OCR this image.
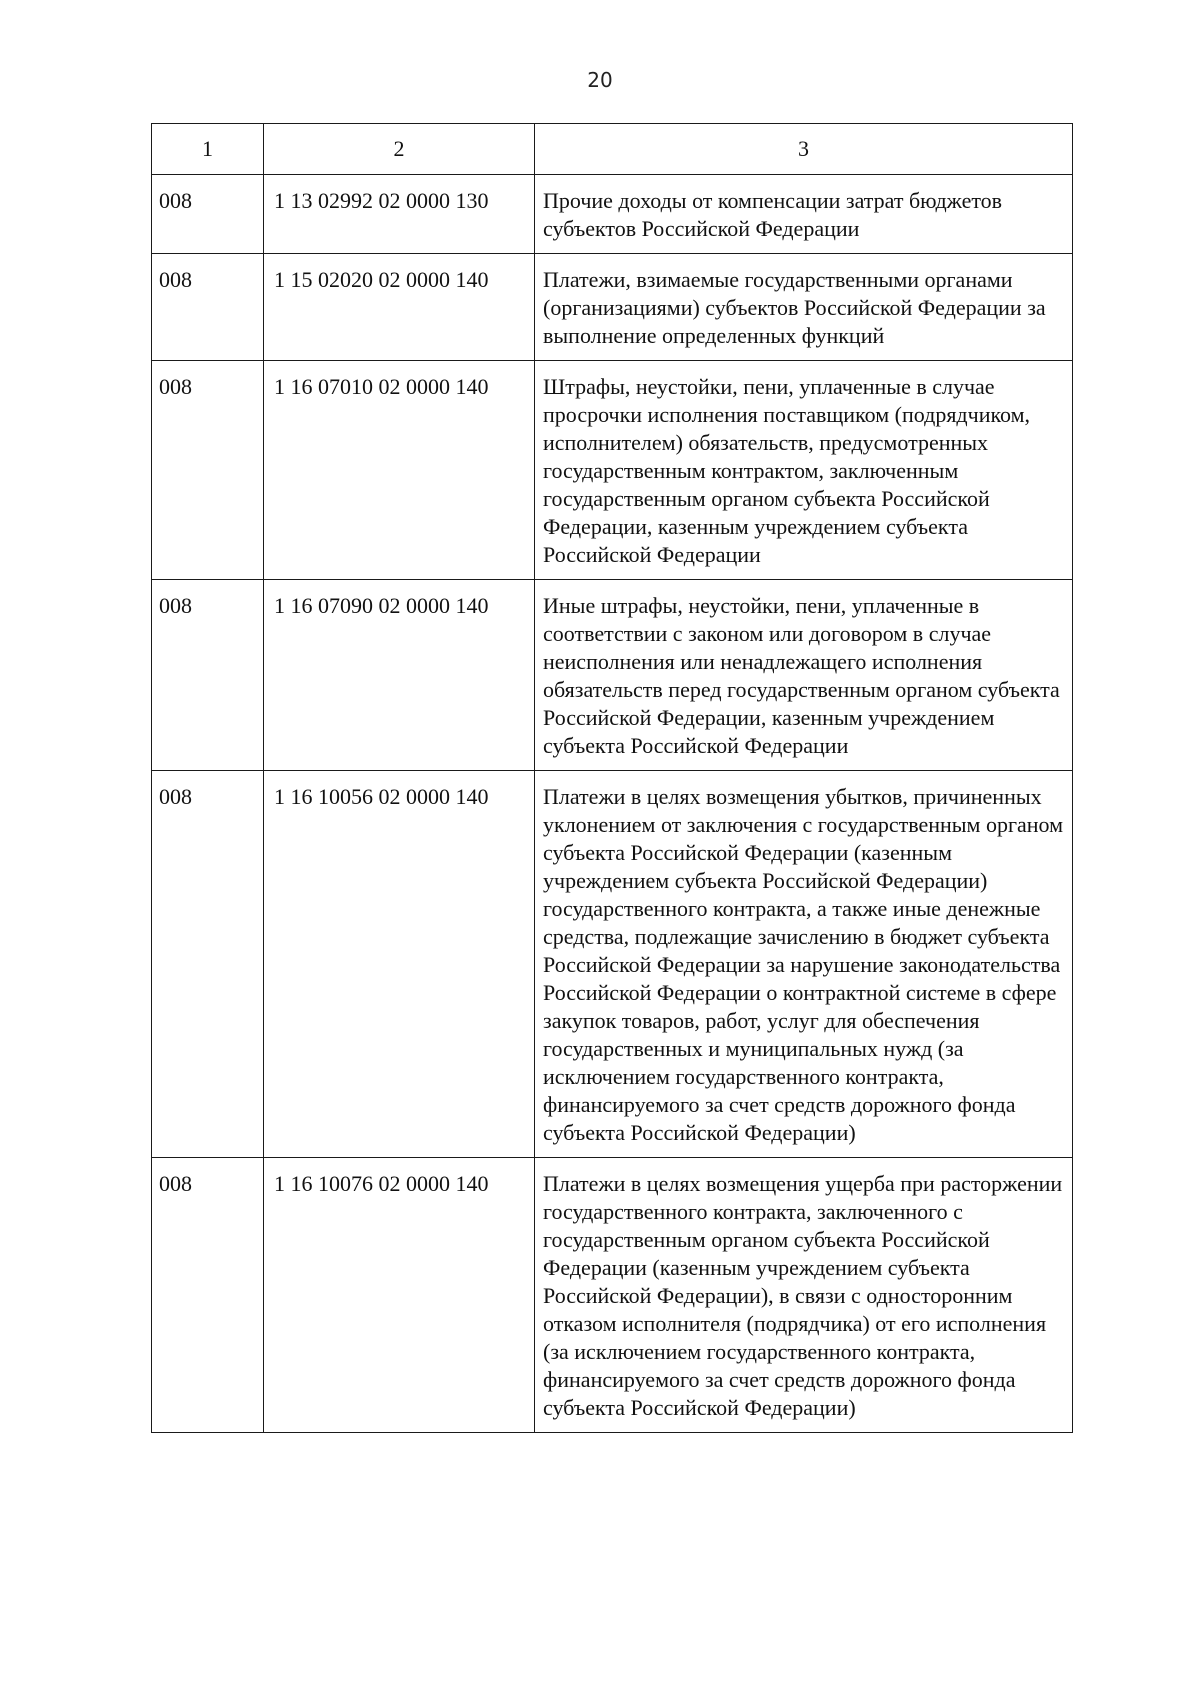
20
1	2	3
008	1 13 02992 02 0000 130	Прочие доходы от компенсации затрат бюджетов субъектов Российской Федерации
008	1 15 02020 02 0000 140	Платежи, взимаемые государственными органами (организациями) субъектов Российской Федерации за выполнение определенных функций
008	1 16 07010 02 0000 140	Штрафы, неустойки, пени, уплаченные в случае просрочки исполнения поставщиком (подрядчиком, исполнителем) обязательств, предусмотренных государственным контрактом, заключенным государственным органом субъекта Российской Федерации, казенным учреждением субъекта Российской Федерации
008	1 16 07090 02 0000 140	Иные штрафы, неустойки, пени, уплаченные в соответствии с законом или договором в случае неисполнения или ненадлежащего исполнения обязательств перед государственным органом субъекта Российской Федерации, казенным учреждением субъекта Российской Федерации
008	1 16 10056 02 0000 140	Платежи в целях возмещения убытков, причиненных уклонением от заключения с государственным органом субъекта Российской Федерации (казенным учреждением субъекта Российской Федерации) государственного контракта, а также иные денежные средства, подлежащие зачислению в бюджет субъекта Российской Федерации за нарушение законодательства Российской Федерации о контрактной системе в сфере закупок товаров, работ, услуг для обеспечения государственных и муниципальных нужд (за исключением государственного контракта, финансируемого за счет средств дорожного фонда субъекта Российской Федерации)
008	1 16 10076 02 0000 140	Платежи в целях возмещения ущерба при расторжении государственного контракта, заключенного с государственным органом субъекта Российской Федерации (казенным учреждением субъекта Российской Федерации), в связи с односторонним отказом исполнителя (подрядчика) от его исполнения (за исключением государственного контракта, финансируемого за счет средств дорожного фонда субъекта Российской Федерации)
